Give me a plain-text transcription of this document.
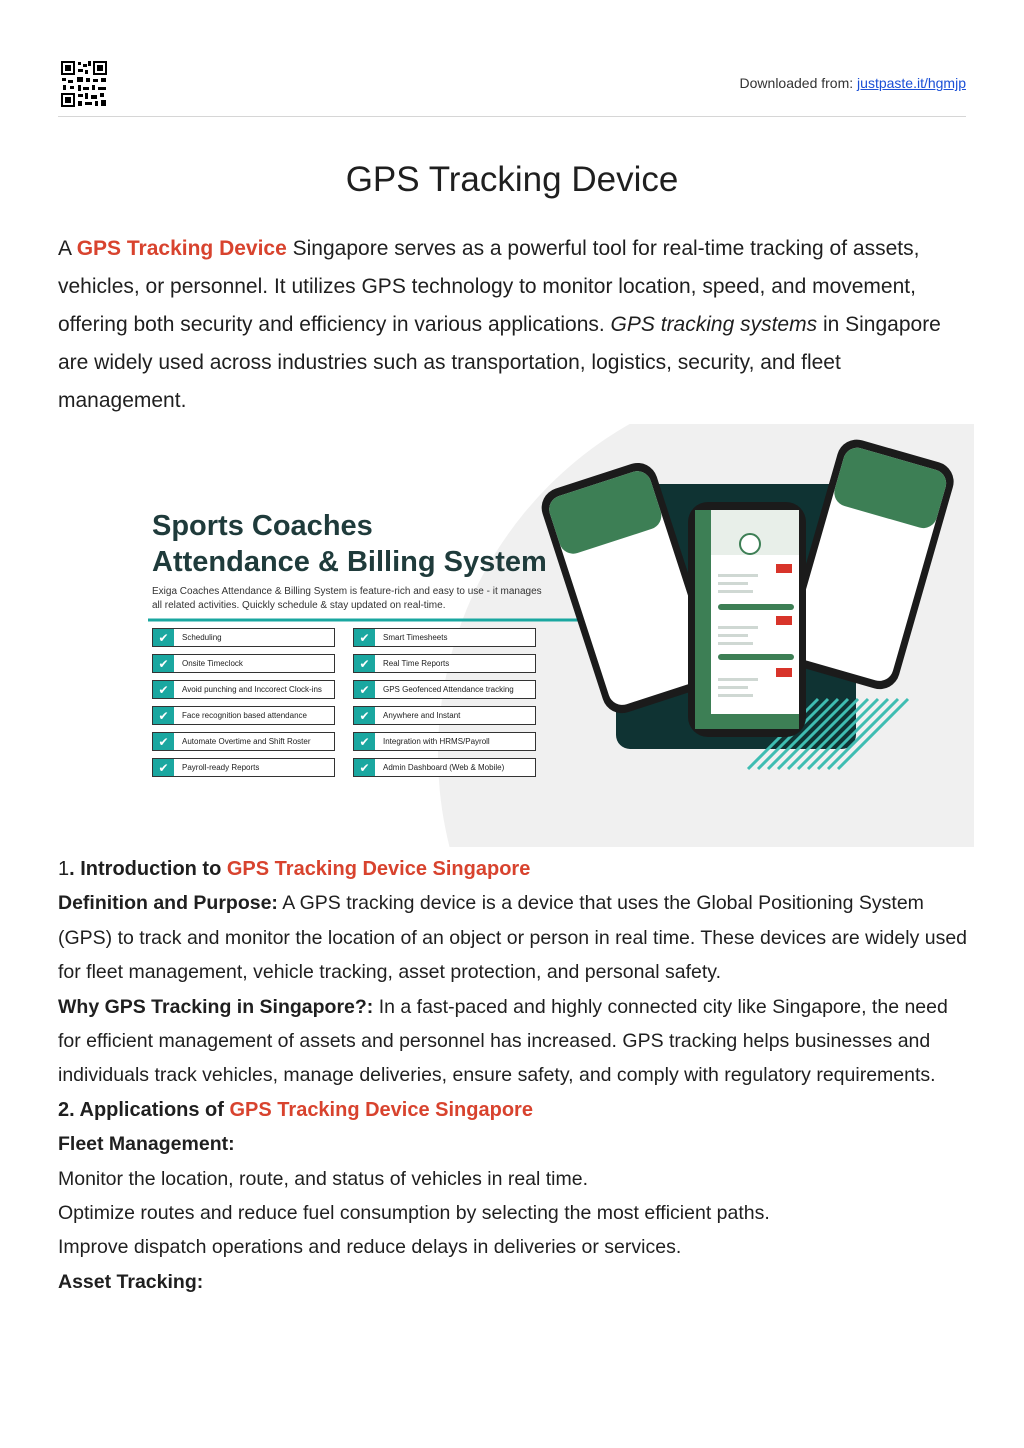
Downloaded from: justpaste.it/hgmjp
GPS Tracking Device

A GPS Tracking Device Singapore serves as a powerful tool for real-time tracking of assets, vehicles, or personnel. It utilizes GPS technology to monitor location, speed, and movement, offering both security and efficiency in various applications. GPS tracking systems in Singapore are widely used across industries such as transportation, logistics, security, and fleet management.

Sports Coaches
Attendance & Billing System
Exiga Coaches Attendance & Billing System is feature-rich and easy to use - it manages
all related activities. Quickly schedule & stay updated on real-time.
✔	Scheduling
✔	Onsite Timeclock
✔	Avoid punching and Inccorect Clock-ins
✔	Face recognition based attendance
✔	Automate Overtime and Shift Roster
✔	Payroll-ready Reports
✔	Smart Timesheets
✔	Real Time Reports
✔	GPS Geofenced Attendance tracking
✔	Anywhere and Instant
✔	Integration with HRMS/Payroll
✔	Admin Dashboard (Web & Mobile)

1. Introduction to GPS Tracking Device Singapore

Definition and Purpose: A GPS tracking device is a device that uses the Global Positioning System (GPS) to track and monitor the location of an object or person in real time. These devices are widely used for fleet management, vehicle tracking, asset protection, and personal safety.

Why GPS Tracking in Singapore?: In a fast-paced and highly connected city like Singapore, the need for efficient management of assets and personnel has increased. GPS tracking helps businesses and individuals track vehicles, manage deliveries, ensure safety, and comply with regulatory requirements.

2. Applications of GPS Tracking Device Singapore

Fleet Management:

Monitor the location, route, and status of vehicles in real time.

Optimize routes and reduce fuel consumption by selecting the most efficient paths.

Improve dispatch operations and reduce delays in deliveries or services.

Asset Tracking:
